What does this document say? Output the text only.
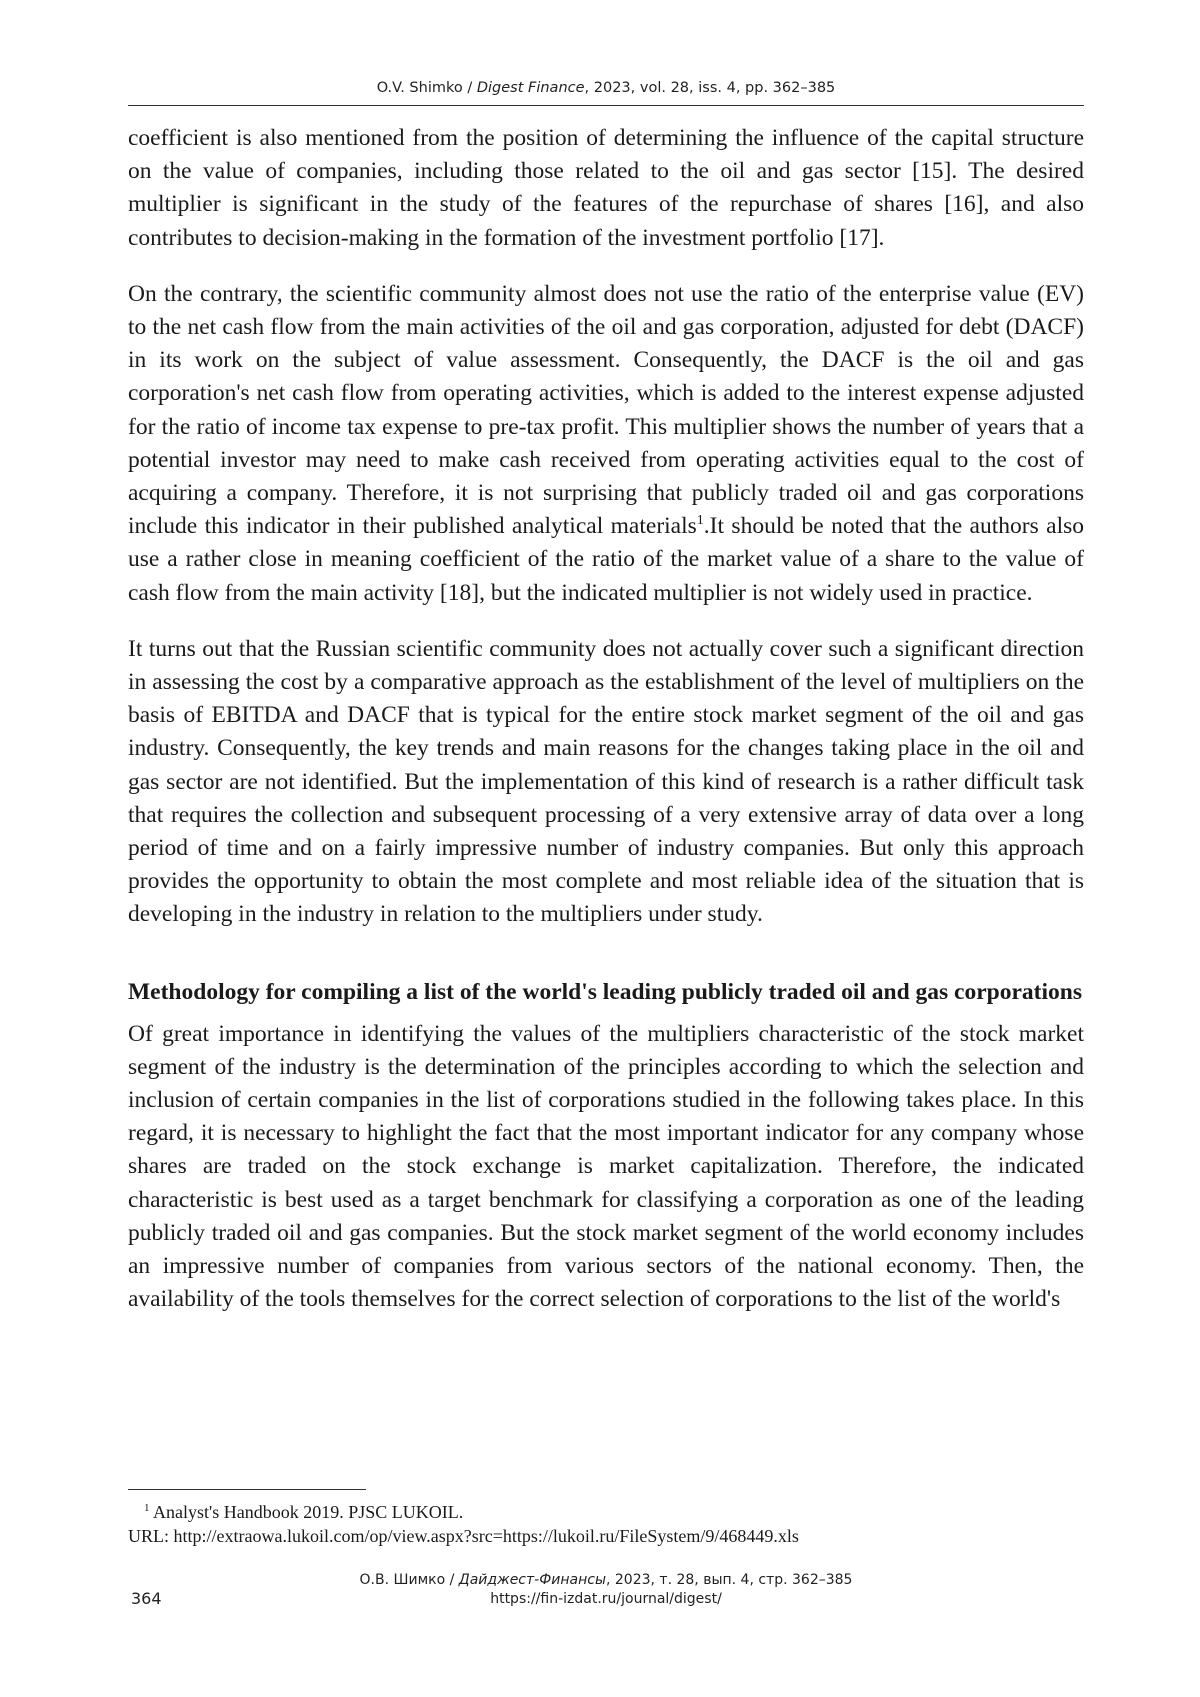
O.V. Shimko / Digest Finance, 2023, vol. 28, iss. 4, pp. 362–385

coefficient is also mentioned from the position of determining the influence of the capital structure on the value of companies, including those related to the oil and gas sector [15]. The desired multiplier is significant in the study of the features of the repurchase of shares [16], and also contributes to decision-making in the formation of the investment portfolio [17].

On the contrary, the scientific community almost does not use the ratio of the enterprise value (EV) to the net cash flow from the main activities of the oil and gas corporation, adjusted for debt (DACF) in its work on the subject of value assessment. Consequently, the DACF is the oil and gas corporation's net cash flow from operating activities, which is added to the interest expense adjusted for the ratio of income tax expense to pre-tax profit. This multiplier shows the number of years that a potential investor may need to make cash received from operating activities equal to the cost of acquiring a company. Therefore, it is not surprising that publicly traded oil and gas corporations include this indicator in their published analytical materials$^1$.It should be noted that the authors also use a rather close in meaning coefficient of the ratio of the market value of a share to the value of cash flow from the main activity [18], but the indicated multiplier is not widely used in practice.

It turns out that the Russian scientific community does not actually cover such a significant direction in assessing the cost by a comparative approach as the establishment of the level of multipliers on the basis of EBITDA and DACF that is typical for the entire stock market segment of the oil and gas industry. Consequently, the key trends and main reasons for the changes taking place in the oil and gas sector are not identified. But the implementation of this kind of research is a rather difficult task that requires the collection and subsequent processing of a very extensive array of data over a long period of time and on a fairly impressive number of industry companies. But only this approach provides the opportunity to obtain the most complete and most reliable idea of the situation that is developing in the industry in relation to the multipliers under study.

Methodology for compiling a list of the world's leading publicly traded oil and gas corporations

Of great importance in identifying the values of the multipliers characteristic of the stock market segment of the industry is the determination of the principles according to which the selection and inclusion of certain companies in the list of corporations studied in the following takes place. In this regard, it is necessary to highlight the fact that the most important indicator for any company whose shares are traded on the stock exchange is market capitalization. Therefore, the indicated characteristic is best used as a target benchmark for classifying a corporation as one of the leading publicly traded oil and gas companies. But the stock market segment of the world economy includes an impressive number of companies from various sectors of the national economy. Then, the availability of the tools themselves for the correct selection of corporations to the list of the world's

$^1$ Analyst's Handbook 2019. PJSC LUKOIL.
URL: http://extraowa.lukoil.com/op/view.aspx?src=https://lukoil.ru/FileSystem/9/468449.xls
О.В. Шимко / Дайджест-Финансы, 2023, т. 28, вып. 4, стр. 362–385
https://fin-izdat.ru/journal/digest/
364
